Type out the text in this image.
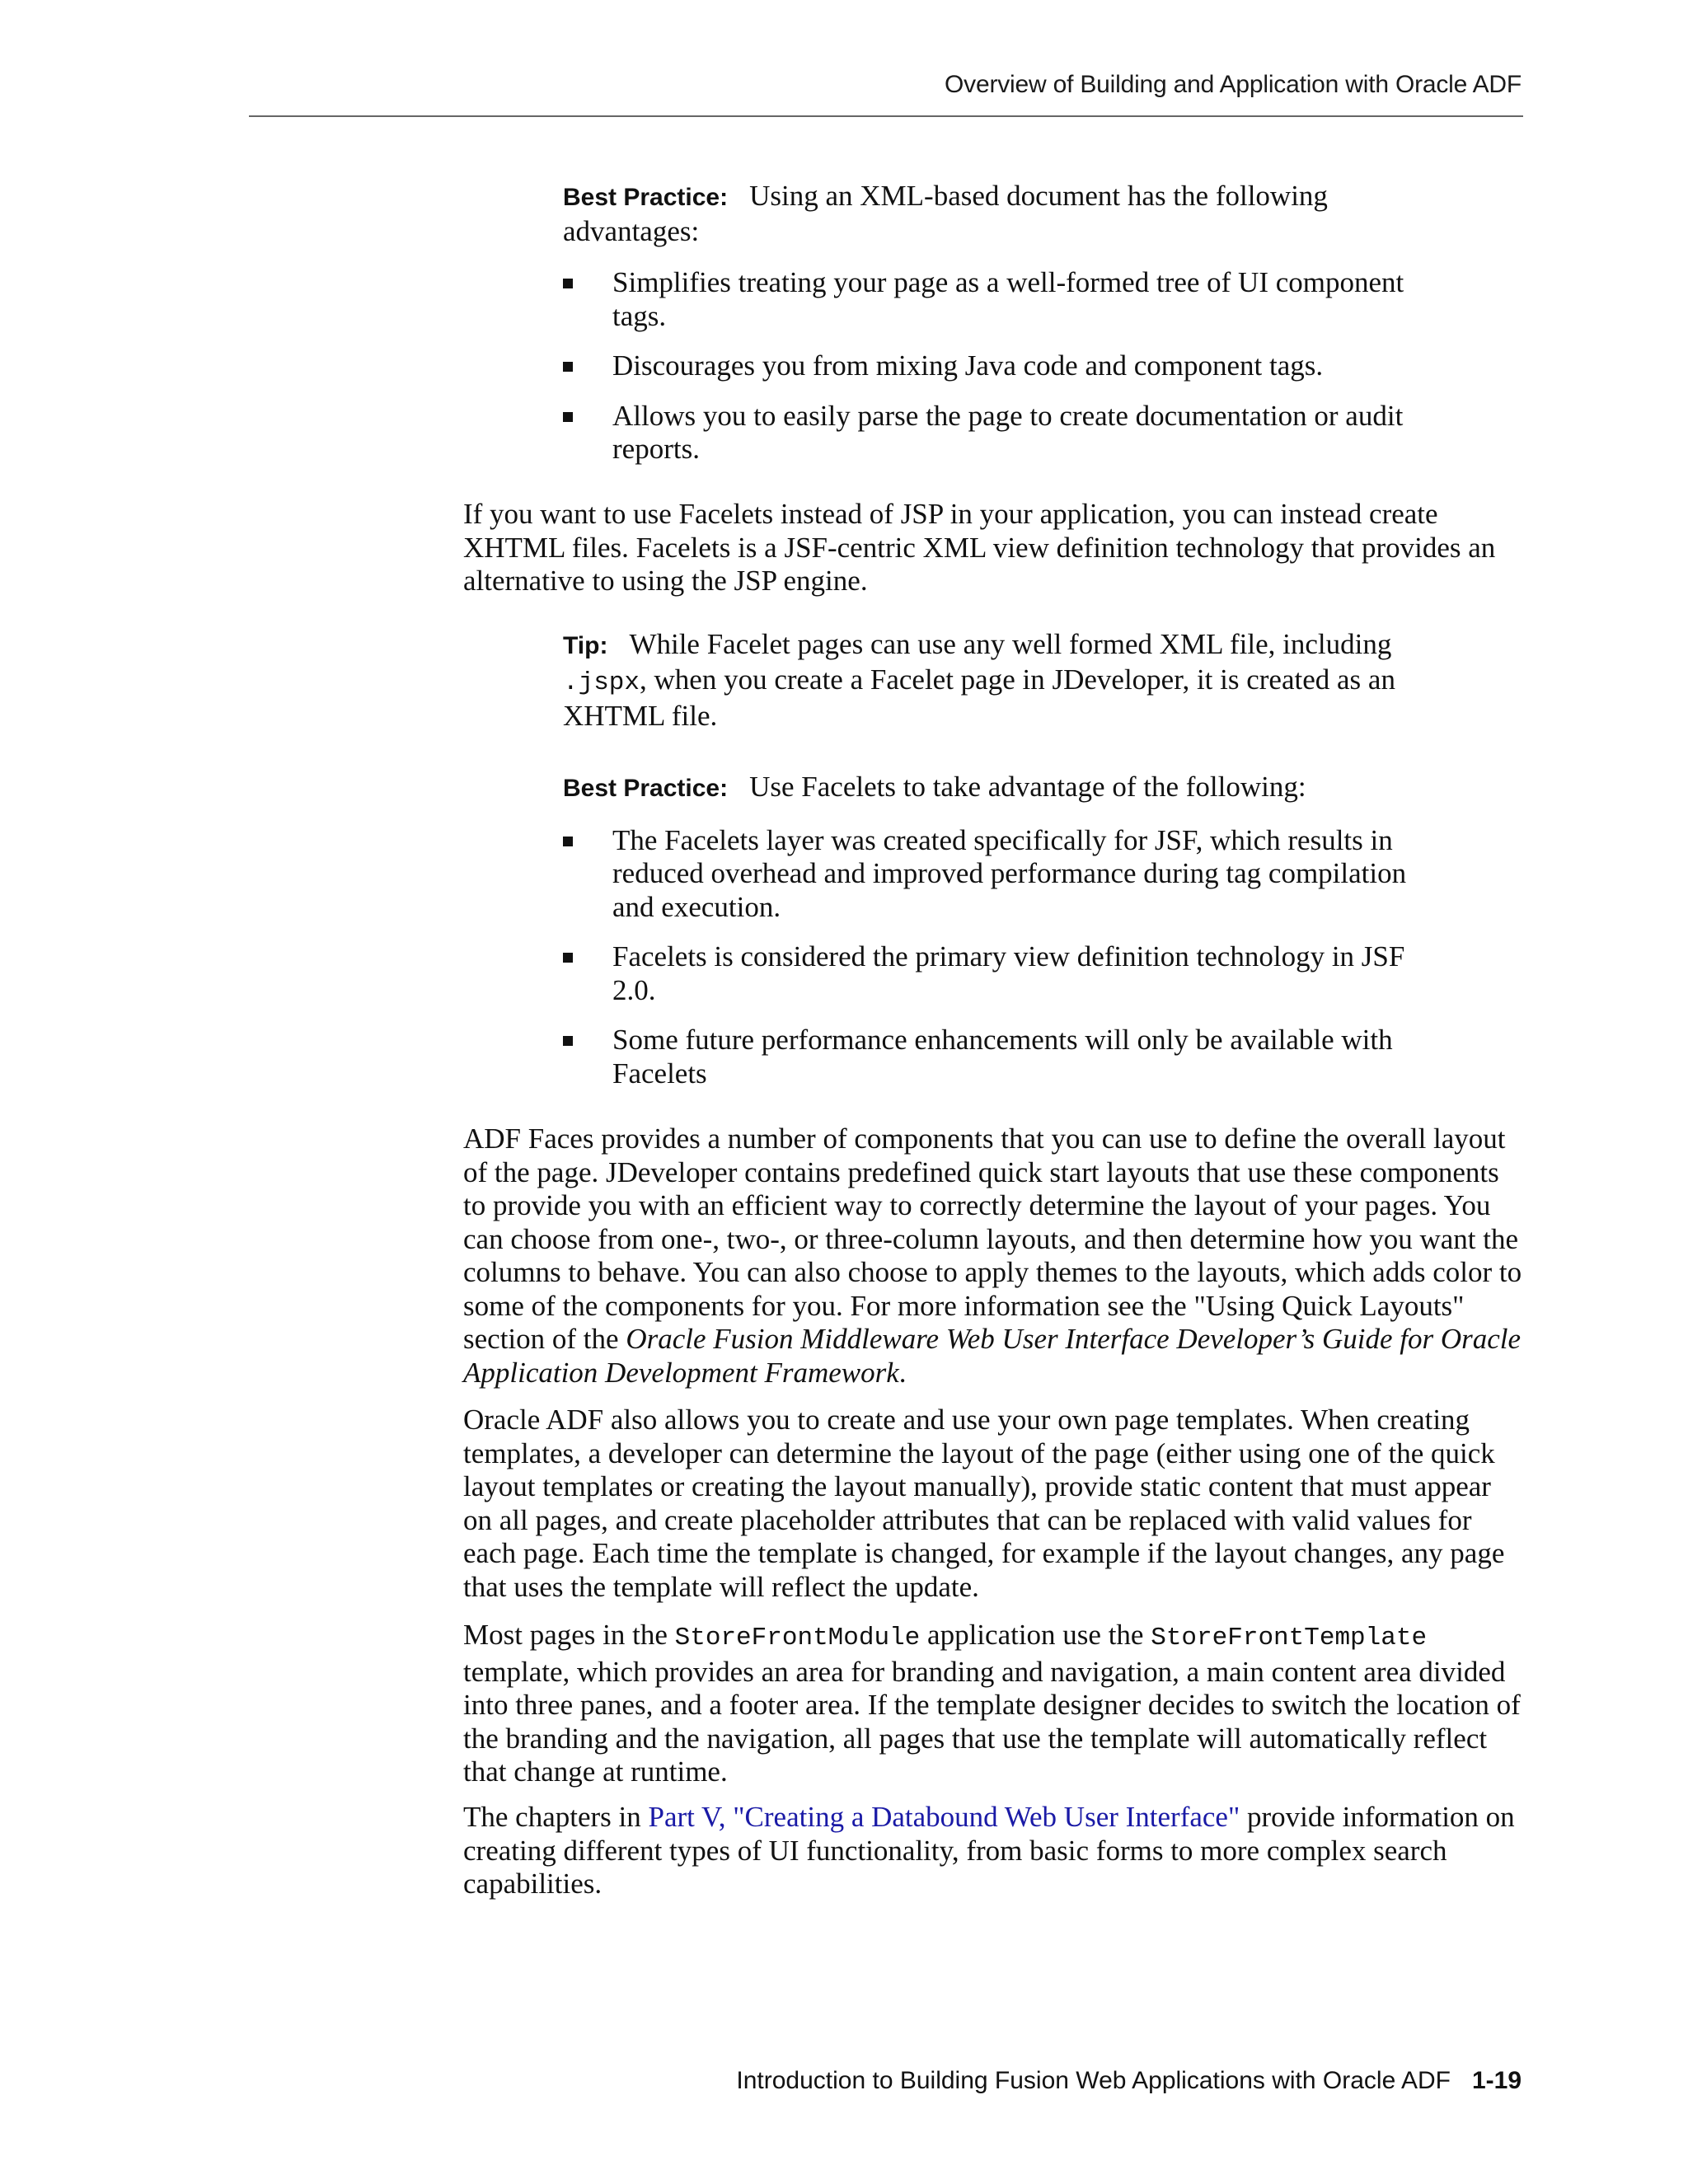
Overview of Building and Application with Oracle ADF
Best Practice: Using an XML-based document has the following advantages:
Simplifies treating your page as a well-formed tree of UI component tags.
Discourages you from mixing Java code and component tags.
Allows you to easily parse the page to create documentation or audit reports.

If you want to use Facelets instead of JSP in your application, you can instead create XHTML files. Facelets is a JSF-centric XML view definition technology that provides an alternative to using the JSP engine.

Tip: While Facelet pages can use any well formed XML file, including .jspx, when you create a Facelet page in JDeveloper, it is created as an XHTML file.
Best Practice: Use Facelets to take advantage of the following:
The Facelets layer was created specifically for JSF, which results in reduced overhead and improved performance during tag compilation and execution.
Facelets is considered the primary view definition technology in JSF 2.0.
Some future performance enhancements will only be available with Facelets

ADF Faces provides a number of components that you can use to define the overall layout of the page. JDeveloper contains predefined quick start layouts that use these components to provide you with an efficient way to correctly determine the layout of your pages. You can choose from one-, two-, or three-column layouts, and then determine how you want the columns to behave. You can also choose to apply themes to the layouts, which adds color to some of the components for you. For more information see the "Using Quick Layouts" section of the Oracle Fusion Middleware Web User Interface Developer’s Guide for Oracle Application Development Framework.

Oracle ADF also allows you to create and use your own page templates. When creating templates, a developer can determine the layout of the page (either using one of the quick layout templates or creating the layout manually), provide static content that must appear on all pages, and create placeholder attributes that can be replaced with valid values for each page. Each time the template is changed, for example if the layout changes, any page that uses the template will reflect the update.

Most pages in the StoreFrontModule application use the StoreFrontTemplate template, which provides an area for branding and navigation, a main content area divided into three panes, and a footer area. If the template designer decides to switch the location of the branding and the navigation, all pages that use the template will automatically reflect that change at runtime.

The chapters in Part V, "Creating a Databound Web User Interface" provide information on creating different types of UI functionality, from basic forms to more complex search capabilities.

Introduction to Building Fusion Web Applications with Oracle ADF 1-19
